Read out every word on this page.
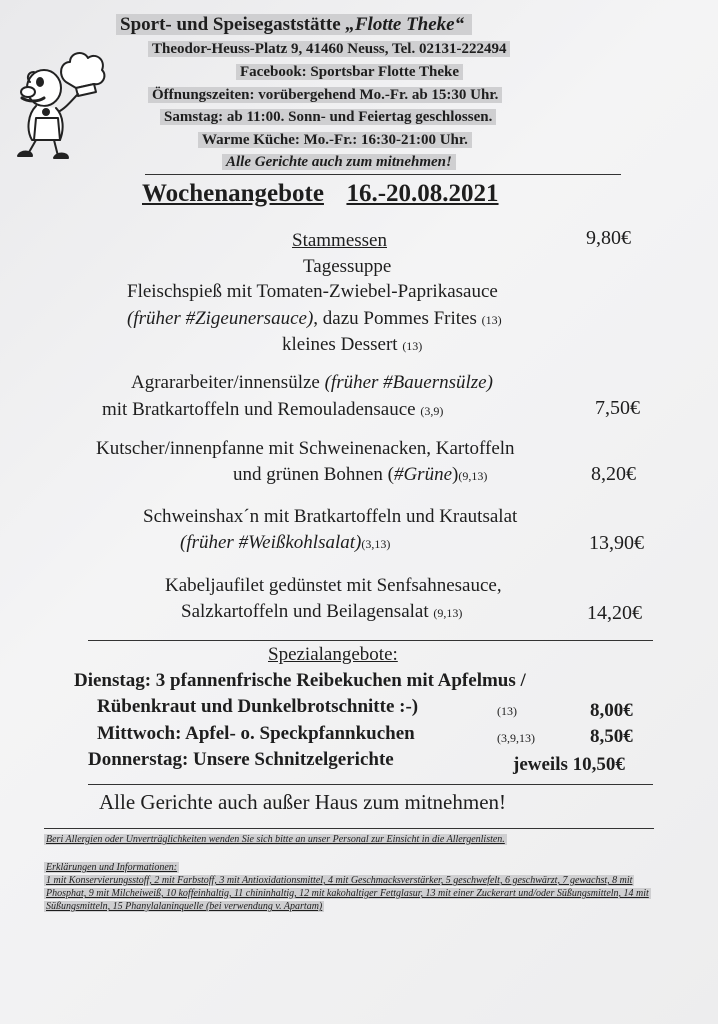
Sport- und Speisegaststätte „Flotte Theke“
Theodor-Heuss-Platz 9, 41460 Neuss, Tel. 02131-222494
Facebook: Sportsbar Flotte Theke
Öffnungszeiten: vorübergehend Mo.-Fr. ab 15:30 Uhr.
Samstag: ab 11:00. Sonn- und Feiertag geschlossen.
Warme Küche: Mo.-Fr.: 16:30-21:00 Uhr.
Alle Gerichte auch zum mitnehmen!
Wochenangebote 16.-20.08.2021
Stammessen	9,80€
Tagessuppe
Fleischspieß mit Tomaten-Zwiebel-Paprikasauce
(früher #Zigeunersauce), dazu Pommes Frites (13)
kleines Dessert (13)
Agrararbeiter/innensülze (früher #Bauernsülze)
mit Bratkartoffeln und Remouladensauce (3,9)	7,50€
Kutscher/innenpfanne mit Schweinenacken, Kartoffeln
und grünen Bohnen (#Grüne)(9,13)	8,20€
Schweinshax´n mit Bratkartoffeln und Krautsalat
(früher #Weißkohlsalat)(3,13)	13,90€
Kabeljaufilet gedünstet mit Senfsahnesauce,
Salzkartoffeln und Beilagensalat (9,13)	14,20€
Spezialangebote:
Dienstag: 3 pfannenfrische Reibekuchen mit Apfelmus /
Rübenkraut und Dunkelbrotschnitte :-)	(13)	8,00€
Mittwoch: Apfel- o. Speckpfannkuchen	(3,9,13)	8,50€
Donnerstag: Unsere Schnitzelgerichte	jeweils 10,50€
Alle Gerichte auch außer Haus zum mitnehmen!
Beri Allergien oder Unverträglichkeiten wenden Sie sich bitte an unser Personal zur Einsicht in die Allergenlisten.
Erklärungen und Informationen:
1 mit Konservierungsstoff, 2 mit Farbstoff, 3 mit Antioxidationsmittel, 4 mit Geschmacksverstärker, 5 geschwefelt, 6 geschwärzt, 7 gewachst, 8 mit Phosphat, 9 mit Milcheiweiß, 10 koffeinhaltig, 11 chininhaltig, 12 mit kakohaltiger Fettglasur, 13 mit einer Zuckerart und/oder Süßungsmitteln, 14 mit Süßungsmitteln, 15 Phanylalaninquelle (bei verwendung v. Apartam)
